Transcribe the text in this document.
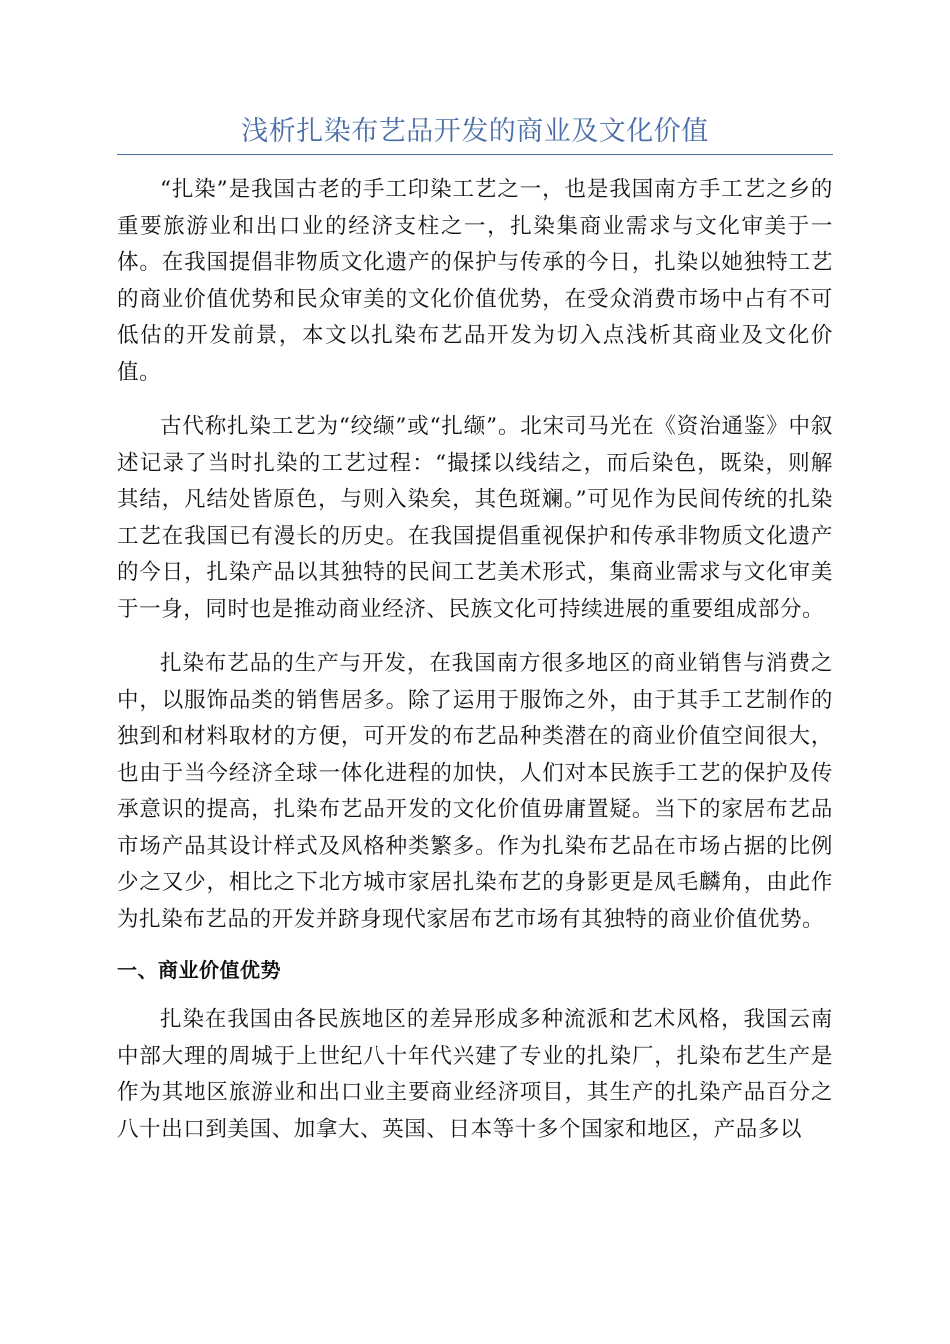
浅析扎染布艺品开发的商业及文化价值

“扎染”是我国古老的手工印染工艺之一，也是我国南方手工艺之乡的重要旅游业和出口业的经济支柱之一，扎染集商业需求与文化审美于一体。在我国提倡非物质文化遗产的保护与传承的今日，扎染以她独特工艺的商业价值优势和民众审美的文化价值优势，在受众消费市场中占有不可低估的开发前景，本文以扎染布艺品开发为切入点浅析其商业及文化价值。

古代称扎染工艺为“绞缬”或“扎缬”。北宋司马光在《资治通鉴》中叙述记录了当时扎染的工艺过程：“撮揉以线结之，而后染色，既染，则解其结，凡结处皆原色，与则入染矣，其色斑斓。”可见作为民间传统的扎染工艺在我国已有漫长的历史。在我国提倡重视保护和传承非物质文化遗产的今日，扎染产品以其独特的民间工艺美术形式，集商业需求与文化审美于一身，同时也是推动商业经济、民族文化可持续进展的重要组成部分。

扎染布艺品的生产与开发，在我国南方很多地区的商业销售与消费之中，以服饰品类的销售居多。除了运用于服饰之外，由于其手工艺制作的独到和材料取材的方便，可开发的布艺品种类潜在的商业价值空间很大，也由于当今经济全球一体化进程的加快，人们对本民族手工艺的保护及传承意识的提高，扎染布艺品开发的文化价值毋庸置疑。当下的家居布艺品市场产品其设计样式及风格种类繁多。作为扎染布艺品在市场占据的比例少之又少，相比之下北方城市家居扎染布艺的身影更是凤毛麟角，由此作为扎染布艺品的开发并跻身现代家居布艺市场有其独特的商业价值优势。

一、商业价值优势

扎染在我国由各民族地区的差异形成多种流派和艺术风格，我国云南中部大理的周城于上世纪八十年代兴建了专业的扎染厂，扎染布艺生产是作为其地区旅游业和出口业主要商业经济项目，其生产的扎染产品百分之八十出口到美国、加拿大、英国、日本等十多个国家和地区，产品多以
